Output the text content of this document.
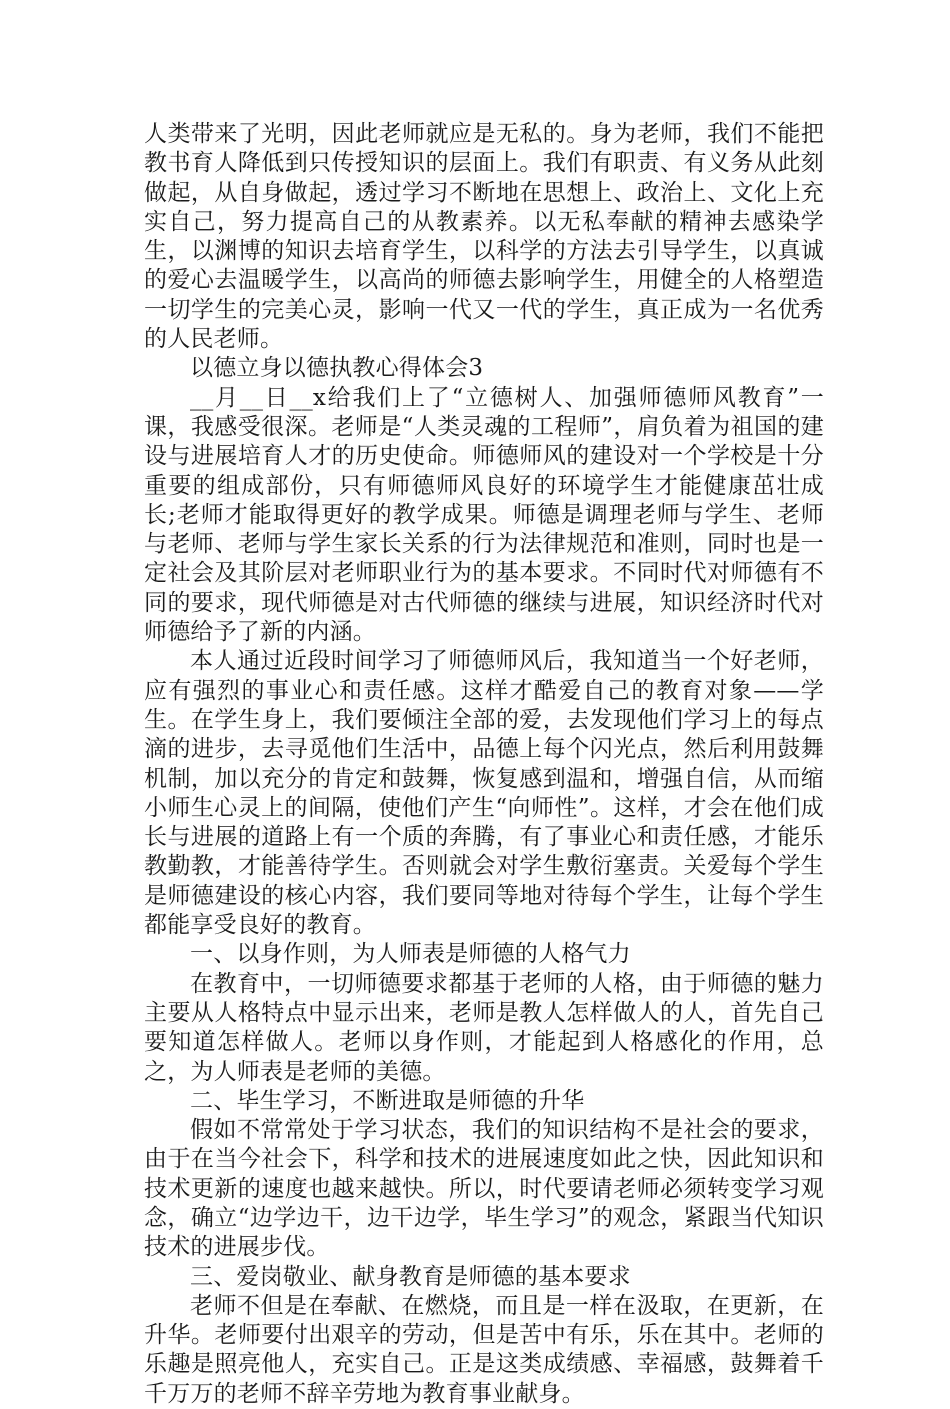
人类带来了光明，因此老师就应是无私的。身为老师，我们不能把教书育人降低到只传授知识的层面上。我们有职责、有义务从此刻做起，从自身做起，透过学习不断地在思想上、政治上、文化上充实自己，努力提高自己的从教素养。以无私奉献的精神去感染学生，以渊博的知识去培育学生，以科学的方法去引导学生，以真诚的爱心去温暖学生，以高尚的师德去影响学生，用健全的人格塑造一切学生的完美心灵，影响一代又一代的学生，真正成为一名优秀的人民老师。

以德立身以德执教心得体会3

__月__日__x给我们上了“立德树人、加强师德师风教育”一课，我感受很深。老师是“人类灵魂的工程师”，肩负着为祖国的建设与进展培育人才的历史使命。师德师风的建设对一个学校是十分重要的组成部份，只有师德师风良好的环境学生才能健康茁壮成长;老师才能取得更好的教学成果。师德是调理老师与学生、老师与老师、老师与学生家长关系的行为法律规范和准则，同时也是一定社会及其阶层对老师职业行为的基本要求。不同时代对师德有不同的要求，现代师德是对古代师德的继续与进展，知识经济时代对师德给予了新的内涵。

本人通过近段时间学习了师德师风后，我知道当一个好老师，应有强烈的事业心和责任感。这样才酷爱自己的教育对象——学生。在学生身上，我们要倾注全部的爱，去发现他们学习上的每点滴的进步，去寻觅他们生活中，品德上每个闪光点，然后利用鼓舞机制，加以充分的肯定和鼓舞，恢复感到温和，增强自信，从而缩小师生心灵上的间隔，使他们产生“向师性”。这样，才会在他们成长与进展的道路上有一个质的奔腾，有了事业心和责任感，才能乐教勤教，才能善待学生。否则就会对学生敷衍塞责。关爱每个学生是师德建设的核心内容，我们要同等地对待每个学生，让每个学生都能享受良好的教育。

一、以身作则，为人师表是师德的人格气力

在教育中，一切师德要求都基于老师的人格，由于师德的魅力主要从人格特点中显示出来，老师是教人怎样做人的人，首先自己要知道怎样做人。老师以身作则，才能起到人格感化的作用，总之，为人师表是老师的美德。

二、毕生学习，不断进取是师德的升华

假如不常常处于学习状态，我们的知识结构不是社会的要求，由于在当今社会下，科学和技术的进展速度如此之快，因此知识和技术更新的速度也越来越快。所以，时代要请老师必须转变学习观念，确立“边学边干，边干边学，毕生学习”的观念，紧跟当代知识技术的进展步伐。

三、爱岗敬业、献身教育是师德的基本要求

老师不但是在奉献、在燃烧，而且是一样在汲取，在更新，在升华。老师要付出艰辛的劳动，但是苦中有乐，乐在其中。老师的乐趣是照亮他人，充实自己。正是这类成绩感、幸福感，鼓舞着千千万万的老师不辞辛劳地为教育事业献身。
